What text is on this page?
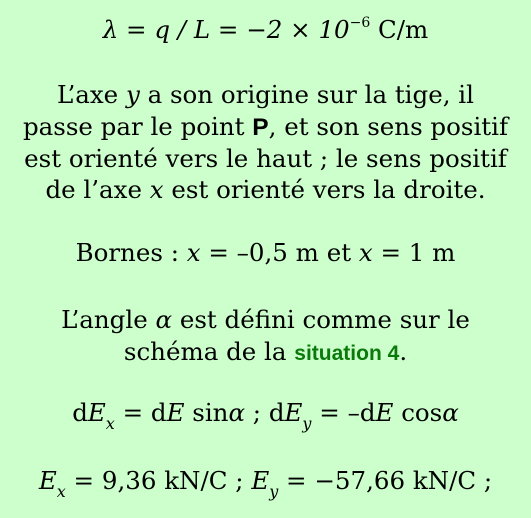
$\lambda = q / L = -2 \times 10^{-6}$ C/m
L’axe y a son origine sur la tige, il
passe par le point P, et son sens positif
est orienté vers le haut ; le sens positif
de l’axe x est orienté vers la droite.
Bornes : x = –0,5 m et x = 1 m
L’angle α est défini comme sur le
schéma de la situation 4.
$dE_x$ = dE sinα ; $dE_y = -dE$ cosα
$E_x = 9,36$ kN/C ; $E_y = -57,66$ kN/C ;
